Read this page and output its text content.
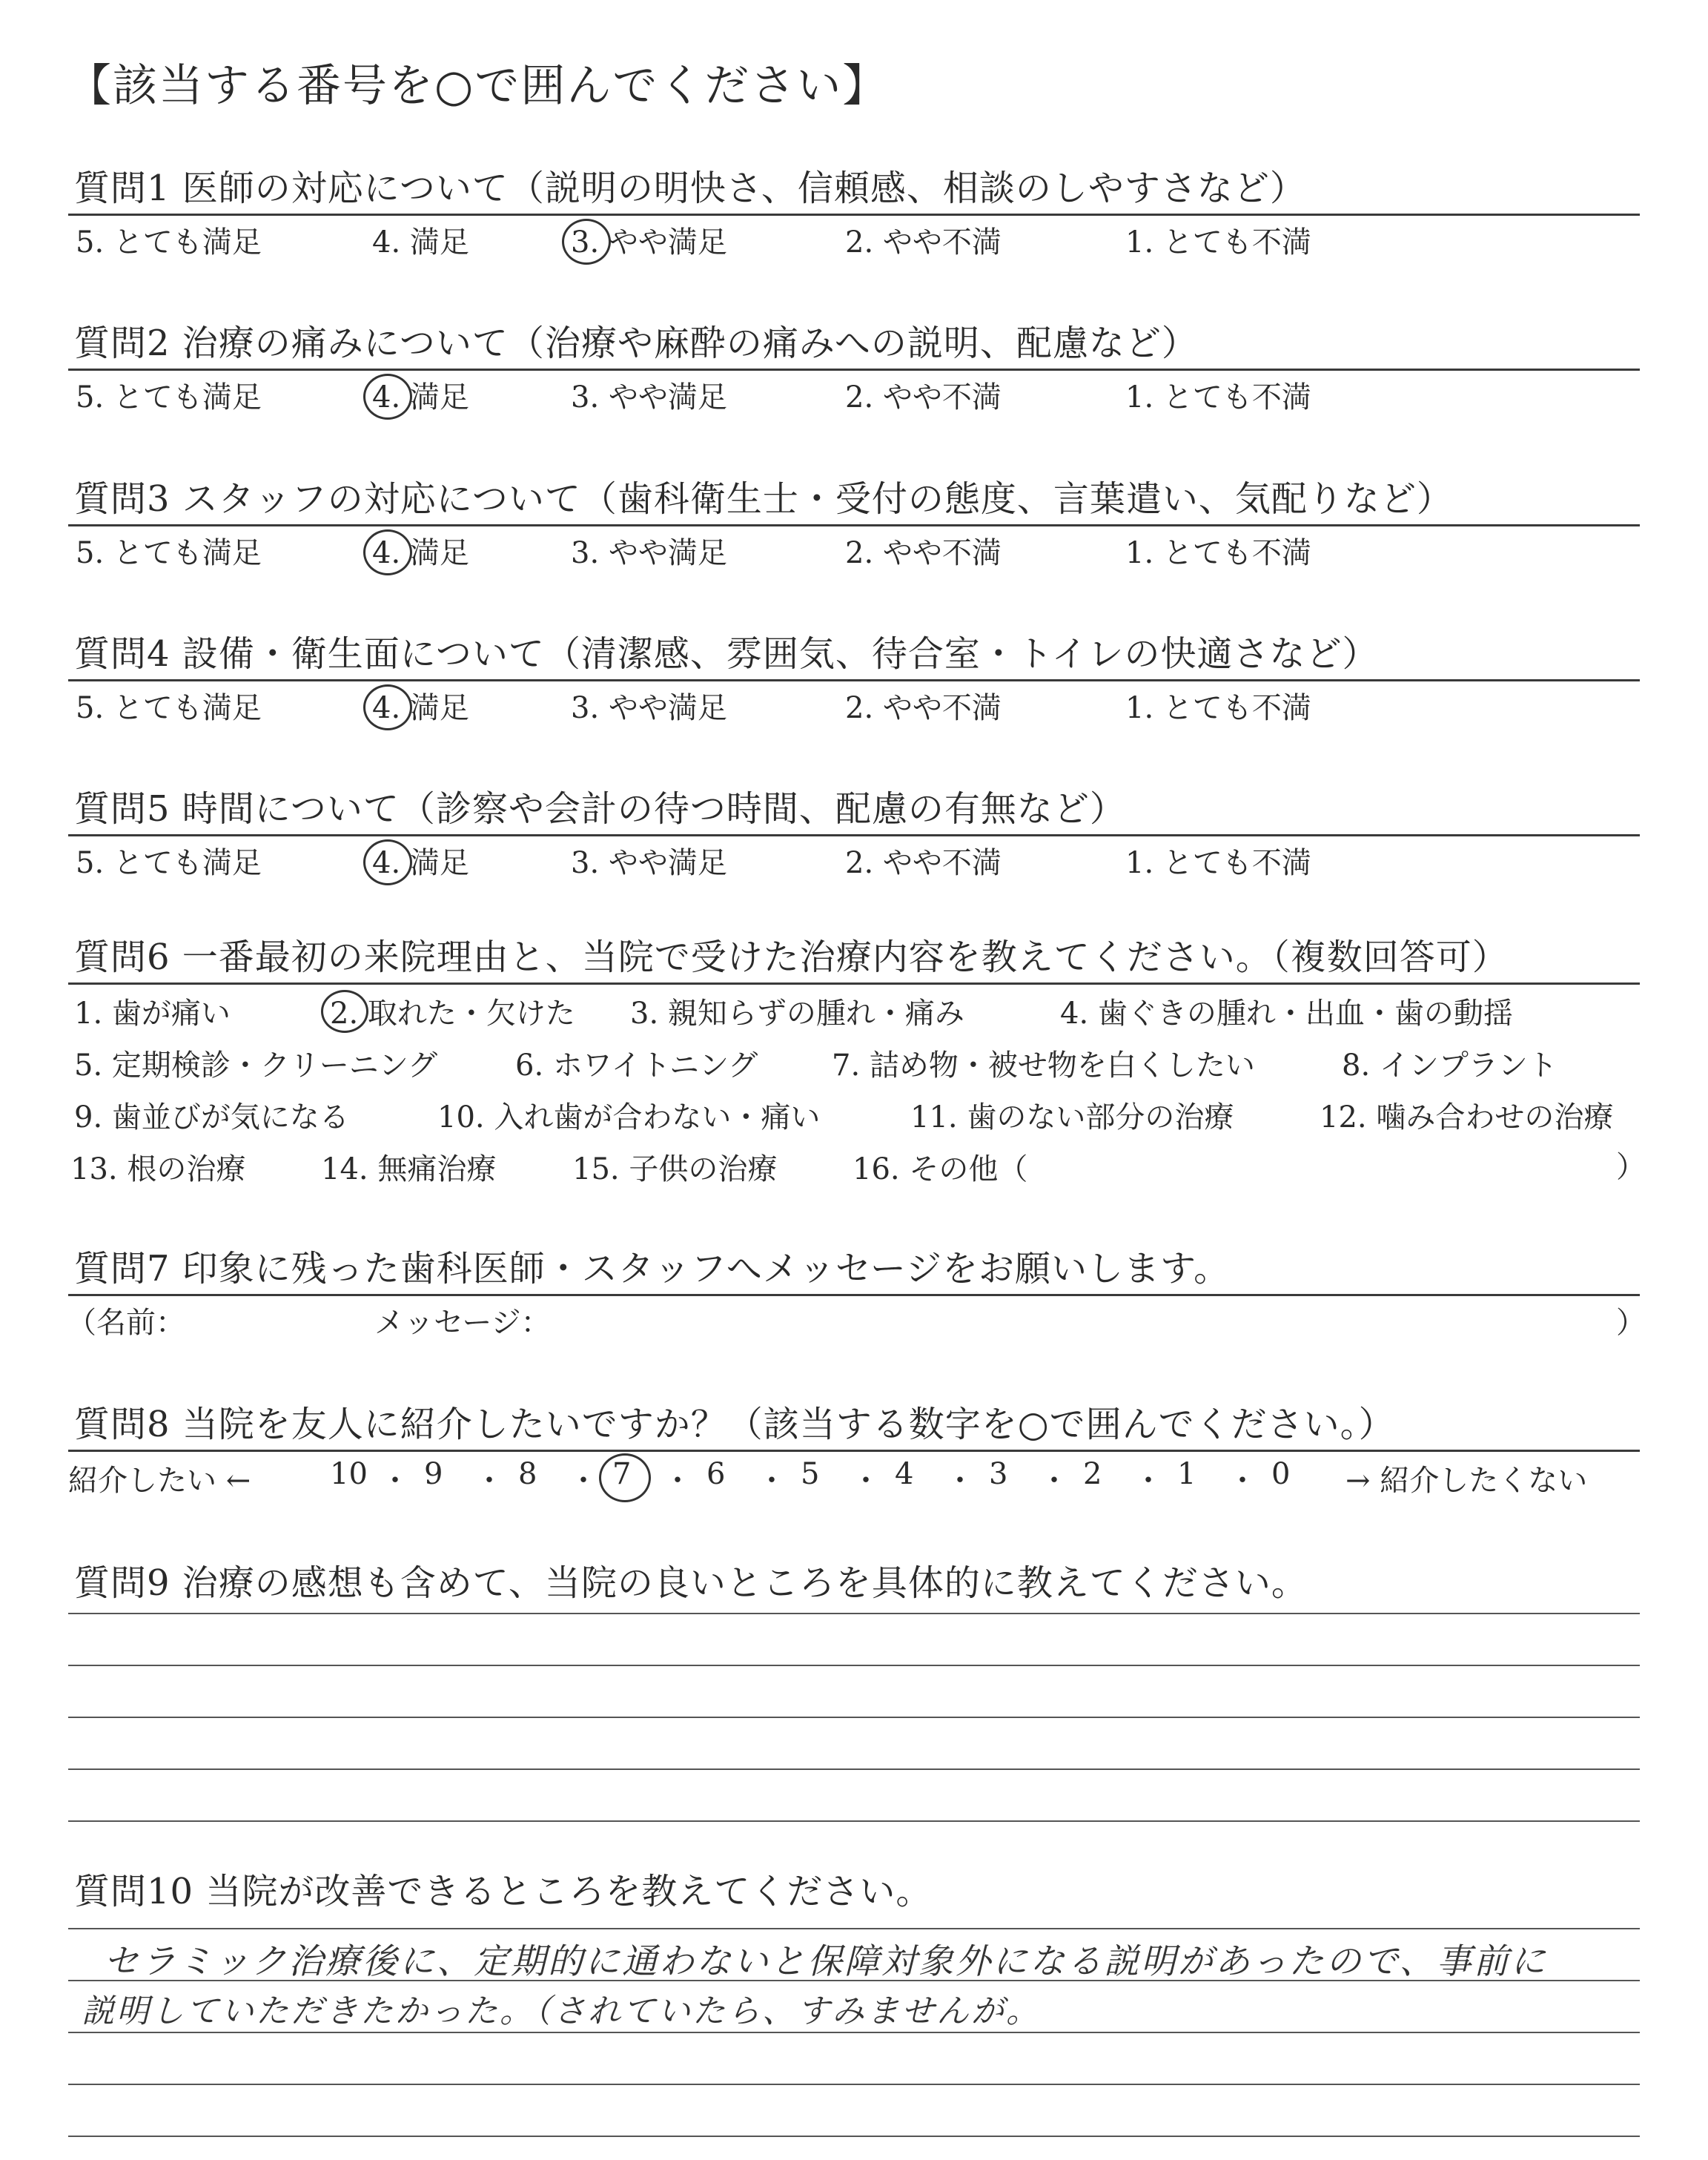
【該当する番号を○で囲んでください】
質問1 医師の対応について（説明の明快さ、信頼感、相談のしやすさなど）
5. とても満足	4. 満足	3. やや満足	2. やや不満	1. とても不満
質問2 治療の痛みについて（治療や麻酔の痛みへの説明、配慮など）
5. とても満足	4. 満足	3. やや満足	2. やや不満	1. とても不満
質問3 スタッフの対応について（歯科衛生士・受付の態度、言葉遣い、気配りなど）
5. とても満足	4. 満足	3. やや満足	2. やや不満	1. とても不満
質問4 設備・衛生面について（清潔感、雰囲気、待合室・トイレの快適さなど）
5. とても満足	4. 満足	3. やや満足	2. やや不満	1. とても不満
質問5 時間について（診察や会計の待つ時間、配慮の有無など）
5. とても満足	4. 満足	3. やや満足	2. やや不満	1. とても不満
質問6 一番最初の来院理由と、当院で受けた治療内容を教えてください。（複数回答可）
1. 歯が痛い	2. 取れた・欠けた 3. 親知らずの腫れ・痛み	4. 歯ぐきの腫れ・出血・歯の動揺
5. 定期検診・クリーニング	6. ホワイトニング 7. 詰め物・被せ物を白くしたい	8. インプラント
9. 歯並びが気になる	10. 入れ歯が合わない・痛い	11. 歯のない部分の治療	12. 噛み合わせの治療
13. 根の治療	14. 無痛治療	15. 子供の治療	16. その他（	）
質問7 印象に残った歯科医師・スタッフへメッセージをお願いします。
（名前：	メッセージ：	）
質問8 当院を友人に紹介したいですか？（該当する数字を○で囲んでください。）
紹介したい ←	→ 紹介したくない
10 ・ 9 ・ 8 ・ 7 ・ 6 ・ 5 ・ 4 ・ 3 ・ 2 ・ 1 ・ 0
質問9 治療の感想も含めて、当院の良いところを具体的に教えてください。
質問10 当院が改善できるところを教えてください。
セラミック治療後に、定期的に通わないと保障対象外になる説明があったので、事前に
説明していただきたかった。（されていたら、すみませんが。
